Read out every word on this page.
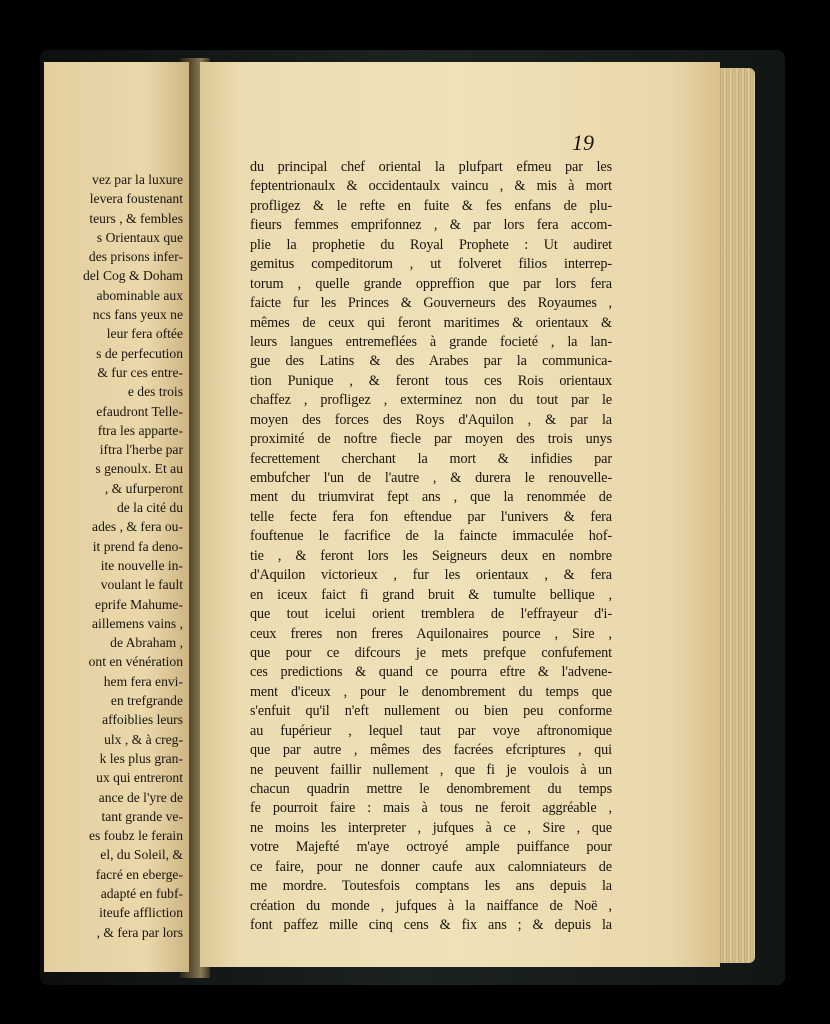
vez par la luxure
levera foustenant
teurs , & fembles
s Orientaux que
des prisons infer-
del Cog & Doham
abominable aux
ncs fans yeux ne
leur fera oftée
s de perfecution
& fur ces entre-
e des trois
efaudront Telle-
ftra les apparte-
iftra l'herbe par
s genoulx. Et au
, & ufurperont
de la cité du
ades , & fera ou-
it prend fa deno-
ite nouvelle in-
voulant le fault
eprife Mahume-
aillemens vains ,
de Abraham ,
ont en vénération
hem fera envi-
en trefgrande
affoiblies leurs
ulx , & à creg-
k les plus gran-
ux qui entreront
ance de l'yre de
tant grande ve-
es foubz le ferain
el, du Soleil, &
facré en eberge-
adapté en fubf-
iteufe affliction
, & fera par lors
19
du principal chef oriental la plufpart efmeu par les
feptentrionaulx & occidentaulx vaincu , & mis à mort
profligez & le refte en fuite & fes enfans de plu-
fieurs femmes emprifonnez , & par lors fera accom-
plie la prophetie du Royal Prophete : Ut audiret
gemitus compeditorum , ut folveret filios interrep-
torum , quelle grande oppreffion que par lors fera
faicte fur les Princes & Gouverneurs des Royaumes ,
mêmes de ceux qui feront maritimes & orientaux &
leurs langues entremeflées à grande focieté , la lan-
gue des Latins & des Arabes par la communica-
tion Punique , & feront tous ces Rois orientaux
chaffez , profligez , exterminez non du tout par le
moyen des forces des Roys d'Aquilon , & par la
proximité de noftre fiecle par moyen des trois unys
fecrettement cherchant la mort & infidies par
embufcher l'un de l'autre , & durera le renouvelle-
ment du triumvirat fept ans , que la renommée de
telle fecte fera fon eftendue par l'univers & fera
fouftenue le facrifice de la faincte immaculée hof-
tie , & feront lors les Seigneurs deux en nombre
d'Aquilon victorieux , fur les orientaux , & fera
en iceux faict fi grand bruit & tumulte bellique ,
que tout icelui orient tremblera de l'effrayeur d'i-
ceux freres non freres Aquilonaires pource , Sire ,
que pour ce difcours je mets prefque confufement
ces predictions & quand ce pourra eftre & l'advene-
ment d'iceux , pour le denombrement du temps que
s'enfuit qu'il n'eft nullement ou bien peu conforme
au fupérieur , lequel taut par voye aftronomique
que par autre , mêmes des facrées efcriptures , qui
ne peuvent faillir nullement , que fi je voulois à un
chacun quadrin mettre le denombrement du temps
fe pourroit faire : mais à tous ne feroit aggréable ,
ne moins les interpreter , jufques à ce , Sire , que
votre Majefté m'aye octroyé ample puiffance pour
ce faire, pour ne donner caufe aux calomniateurs de
me mordre. Toutesfois comptans les ans depuis la
création du monde , jufques à la naiffance de Noë ,
font paffez mille cinq cens & fix ans ; & depuis la
